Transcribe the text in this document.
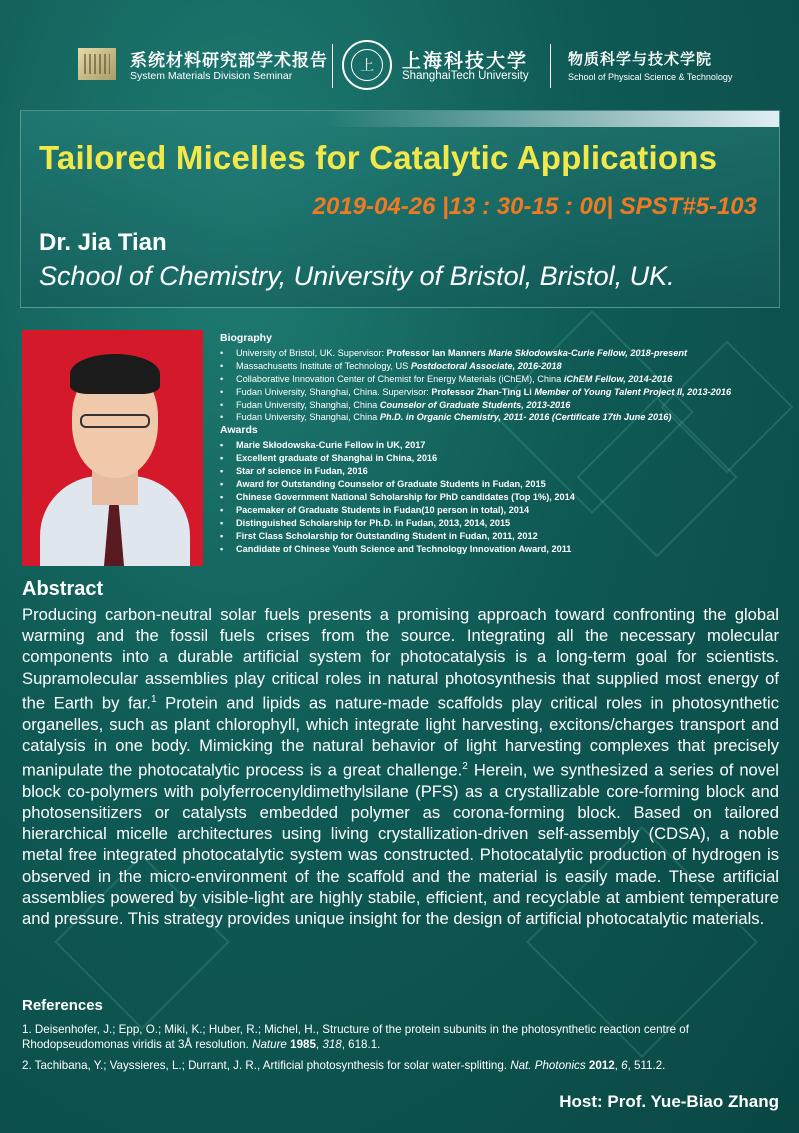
系统材料研究部学术报告
System Materials Division Seminar
上	上海科技大学
ShanghaiTech University
物质科学与技术学院
School of Physical Science & Technology
Tailored Micelles for Catalytic Applications
2019-04-26 |13 : 30-15 : 00| SPST#5-103
Dr. Jia Tian
School of Chemistry, University of Bristol, Bristol, UK.
Biography
• University of Bristol, UK. Supervisor: Professor Ian Manners Marie Skłodowska-Curie Fellow, 2018-present
• Massachusetts Institute of Technology, US Postdoctoral Associate, 2016-2018
• Collaborative Innovation Center of Chemist for Energy Materials (iChEM), China iChEM Fellow, 2014-2016
• Fudan University, Shanghai, China. Supervisor: Professor Zhan-Ting Li Member of Young Talent Project II, 2013-2016
• Fudan University, Shanghai, China Counselor of Graduate Students, 2013-2016
• Fudan University, Shanghai, China Ph.D. in Organic Chemistry, 2011- 2016 (Certificate 17th June 2016)
Awards
• Marie Skłodowska-Curie Fellow in UK, 2017
• Excellent graduate of Shanghai in China, 2016
• Star of science in Fudan, 2016
• Award for Outstanding Counselor of Graduate Students in Fudan, 2015
• Chinese Government National Scholarship for PhD candidates (Top 1%), 2014
• Pacemaker of Graduate Students in Fudan(10 person in total), 2014
• Distinguished Scholarship for Ph.D. in Fudan, 2013, 2014, 2015
• First Class Scholarship for Outstanding Student in Fudan, 2011, 2012
• Candidate of Chinese Youth Science and Technology Innovation Award, 2011
Abstract

Producing carbon-neutral solar fuels presents a promising approach toward confronting the global warming and the fossil fuels crises from the source. Integrating all the necessary molecular components into a durable artificial system for photocatalysis is a long-term goal for scientists. Supramolecular assemblies play critical roles in natural photosynthesis that supplied most energy of the Earth by far.$^1$ Protein and lipids as nature-made scaffolds play critical roles in photosynthetic organelles, such as plant chlorophyll, which integrate light harvesting, excitons/charges transport and catalysis in one body. Mimicking the natural behavior of light harvesting complexes that precisely manipulate the photocatalytic process is a great challenge.$^2$ Herein, we synthesized a series of novel block co-polymers with polyferrocenyldimethylsilane (PFS) as a crystallizable core-forming block and photosensitizers or catalysts embedded polymer as corona-forming block. Based on tailored hierarchical micelle architectures using living crystallization-driven self-assembly (CDSA), a noble metal free integrated photocatalytic system was constructed. Photocatalytic production of hydrogen is observed in the micro-environment of the scaffold and the material is easily made. These artificial assemblies powered by visible-light are highly stabile, efficient, and recyclable at ambient temperature and pressure. This strategy provides unique insight for the design of artificial photocatalytic materials.

References

1. Deisenhofer, J.; Epp, O.; Miki, K.; Huber, R.; Michel, H., Structure of the protein subunits in the photosynthetic reaction centre of Rhodopseudomonas viridis at 3Å resolution. Nature 1985, 318, 618.1.

2. Tachibana, Y.; Vayssieres, L.; Durrant, J. R., Artificial photosynthesis for solar water-splitting. Nat. Photonics 2012, 6, 511.2.

Host: Prof. Yue-Biao Zhang
